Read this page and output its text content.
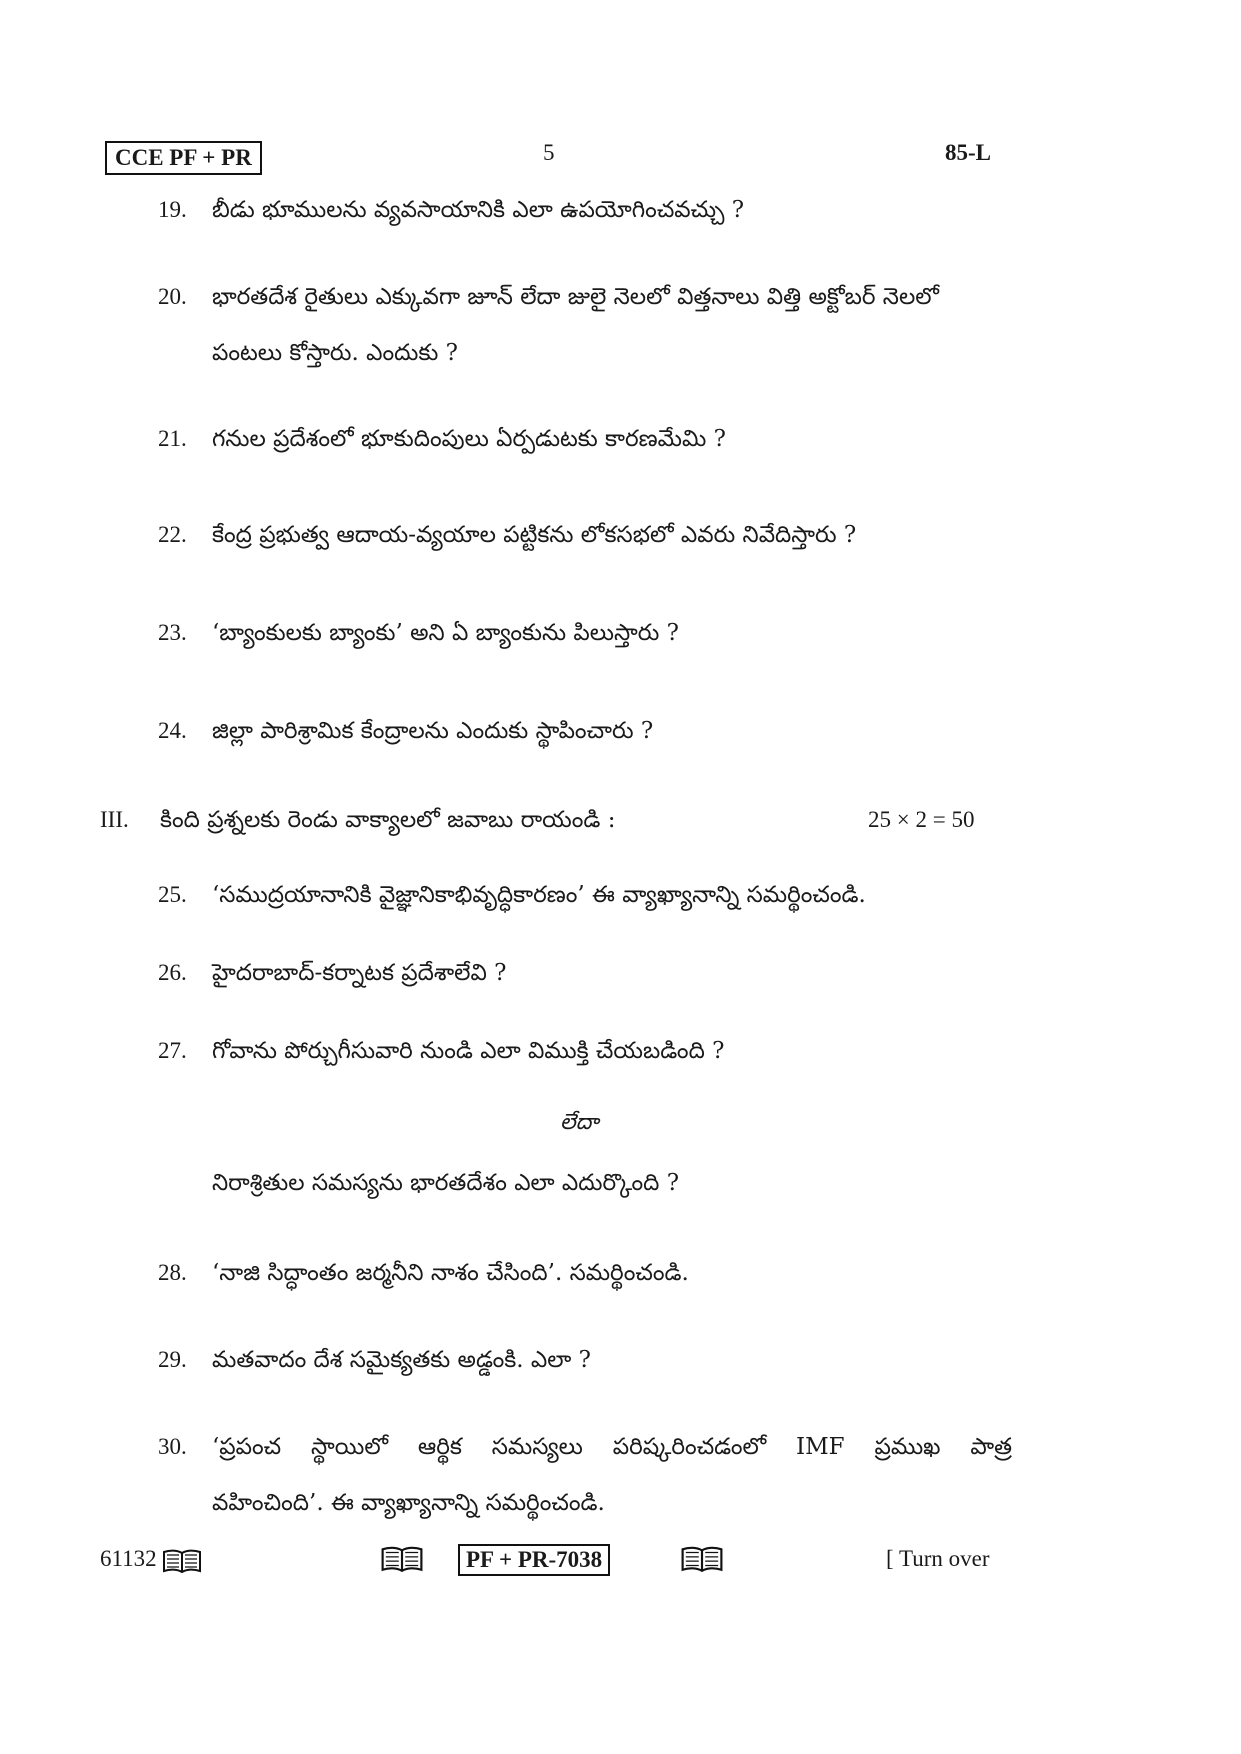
CCE PF + PR	5	85-L
19. బీడు భూములను వ్యవసాయానికి ఎలా ఉపయోగించవచ్చు ?
20. భారతదేశ రైతులు ఎక్కువగా జూన్ లేదా జులై నెలలో విత్తనాలు విత్తి అక్టోబర్ నెలలో
పంటలు కోస్తారు. ఎందుకు ?
21. గనుల ప్రదేశంలో భూకుదింపులు ఏర్పడుటకు కారణమేమి ?
22. కేంద్ర ప్రభుత్వ ఆదాయ-వ్యయాల పట్టికను లోకసభలో ఎవరు నివేదిస్తారు ?
23. ‘బ్యాంకులకు బ్యాంకు’ అని ఏ బ్యాంకును పిలుస్తారు ?
24. జిల్లా పారిశ్రామిక కేంద్రాలను ఎందుకు స్థాపించారు ?
III. కింది ప్రశ్నలకు రెండు వాక్యాలలో జవాబు రాయండి :	25 × 2 = 50
25. ‘సముద్రయానానికి వైజ్ఞానికాభివృద్ధికారణం’ ఈ వ్యాఖ్యానాన్ని సమర్థించండి.
26. హైదరాబాద్-కర్నాటక ప్రదేశాలేవి ?
27. గోవాను పోర్చుగీసువారి నుండి ఎలా విముక్తి చేయబడింది ?
లేదా
నిరాశ్రితుల సమస్యను భారతదేశం ఎలా ఎదుర్కొంది ?
28. ‘నాజి సిద్ధాంతం జర్మనీని నాశం చేసింది’. సమర్థించండి.
29. మతవాదం దేశ సమైక్యతకు అడ్డంకి. ఎలా ?
30. ‘ప్రపంచ స్థాయిలో ఆర్థిక సమస్యలు పరిష్కరించడంలో IMF ప్రముఖ పాత్ర
వహించింది’. ఈ వ్యాఖ్యానాన్ని సమర్థించండి.
61132	PF + PR-7038	[ Turn over
